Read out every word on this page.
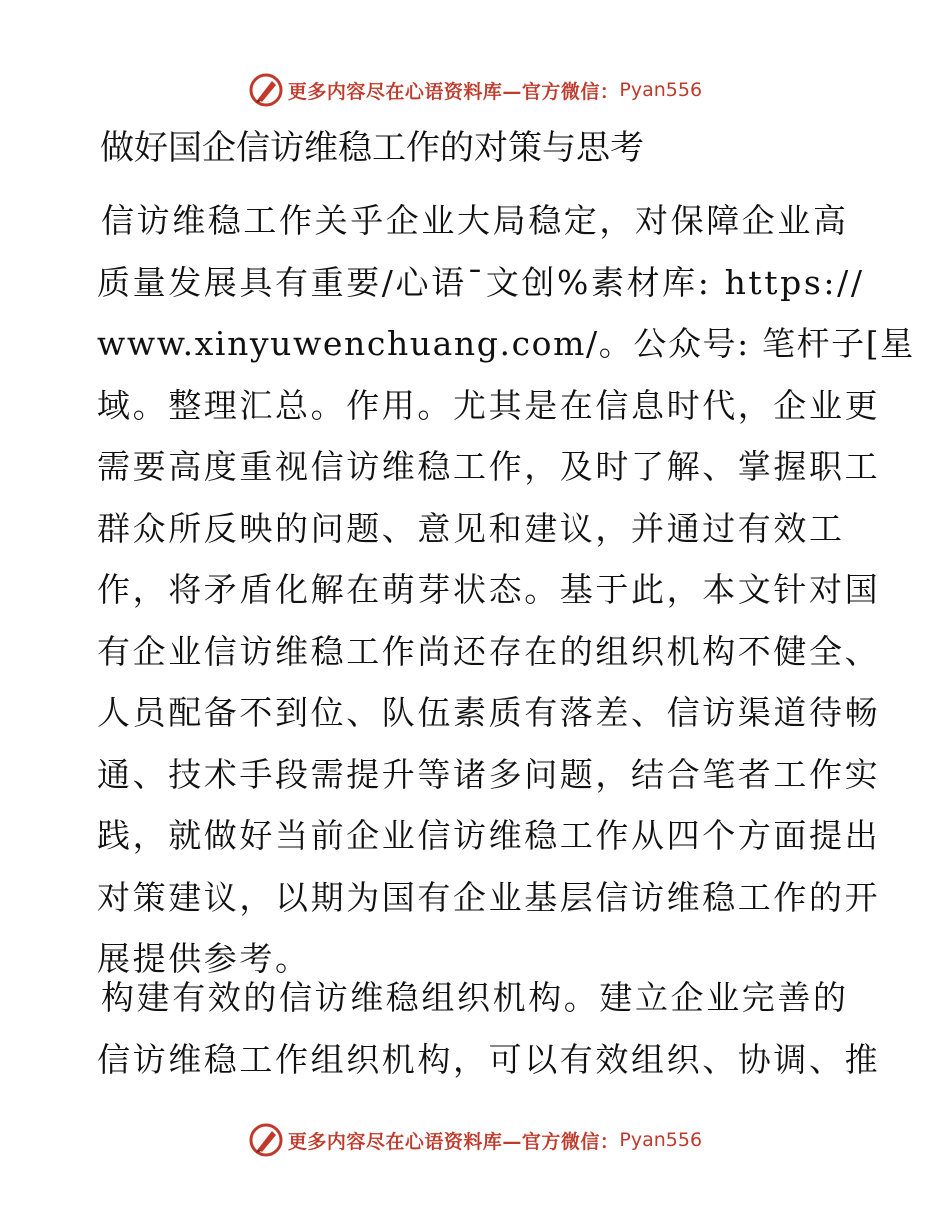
更多内容尽在心语资料库—官方微信： Pyan556
做好国企信访维稳工作的对策与思考
信访维稳工作关乎企业大局稳定，对保障企业高
质量发展具有重要/心语¯文创%素材库: https://
www.xinyuwenchuang.com/。公众号: 笔杆子[星
域。整理汇总。作用。尤其是在信息时代，企业更
需要高度重视信访维稳工作，及时了解、掌握职工
群众所反映的问题、意见和建议，并通过有效工
作，将矛盾化解在萌芽状态。基于此，本文针对国
有企业信访维稳工作尚还存在的组织机构不健全、
人员配备不到位、队伍素质有落差、信访渠道待畅
通、技术手段需提升等诸多问题，结合笔者工作实
践，就做好当前企业信访维稳工作从四个方面提出
对策建议，以期为国有企业基层信访维稳工作的开
展提供参考。
构建有效的信访维稳组织机构。建立企业完善的
信访维稳工作组织机构，可以有效组织、协调、推
更多内容尽在心语资料库—官方微信： Pyan556
